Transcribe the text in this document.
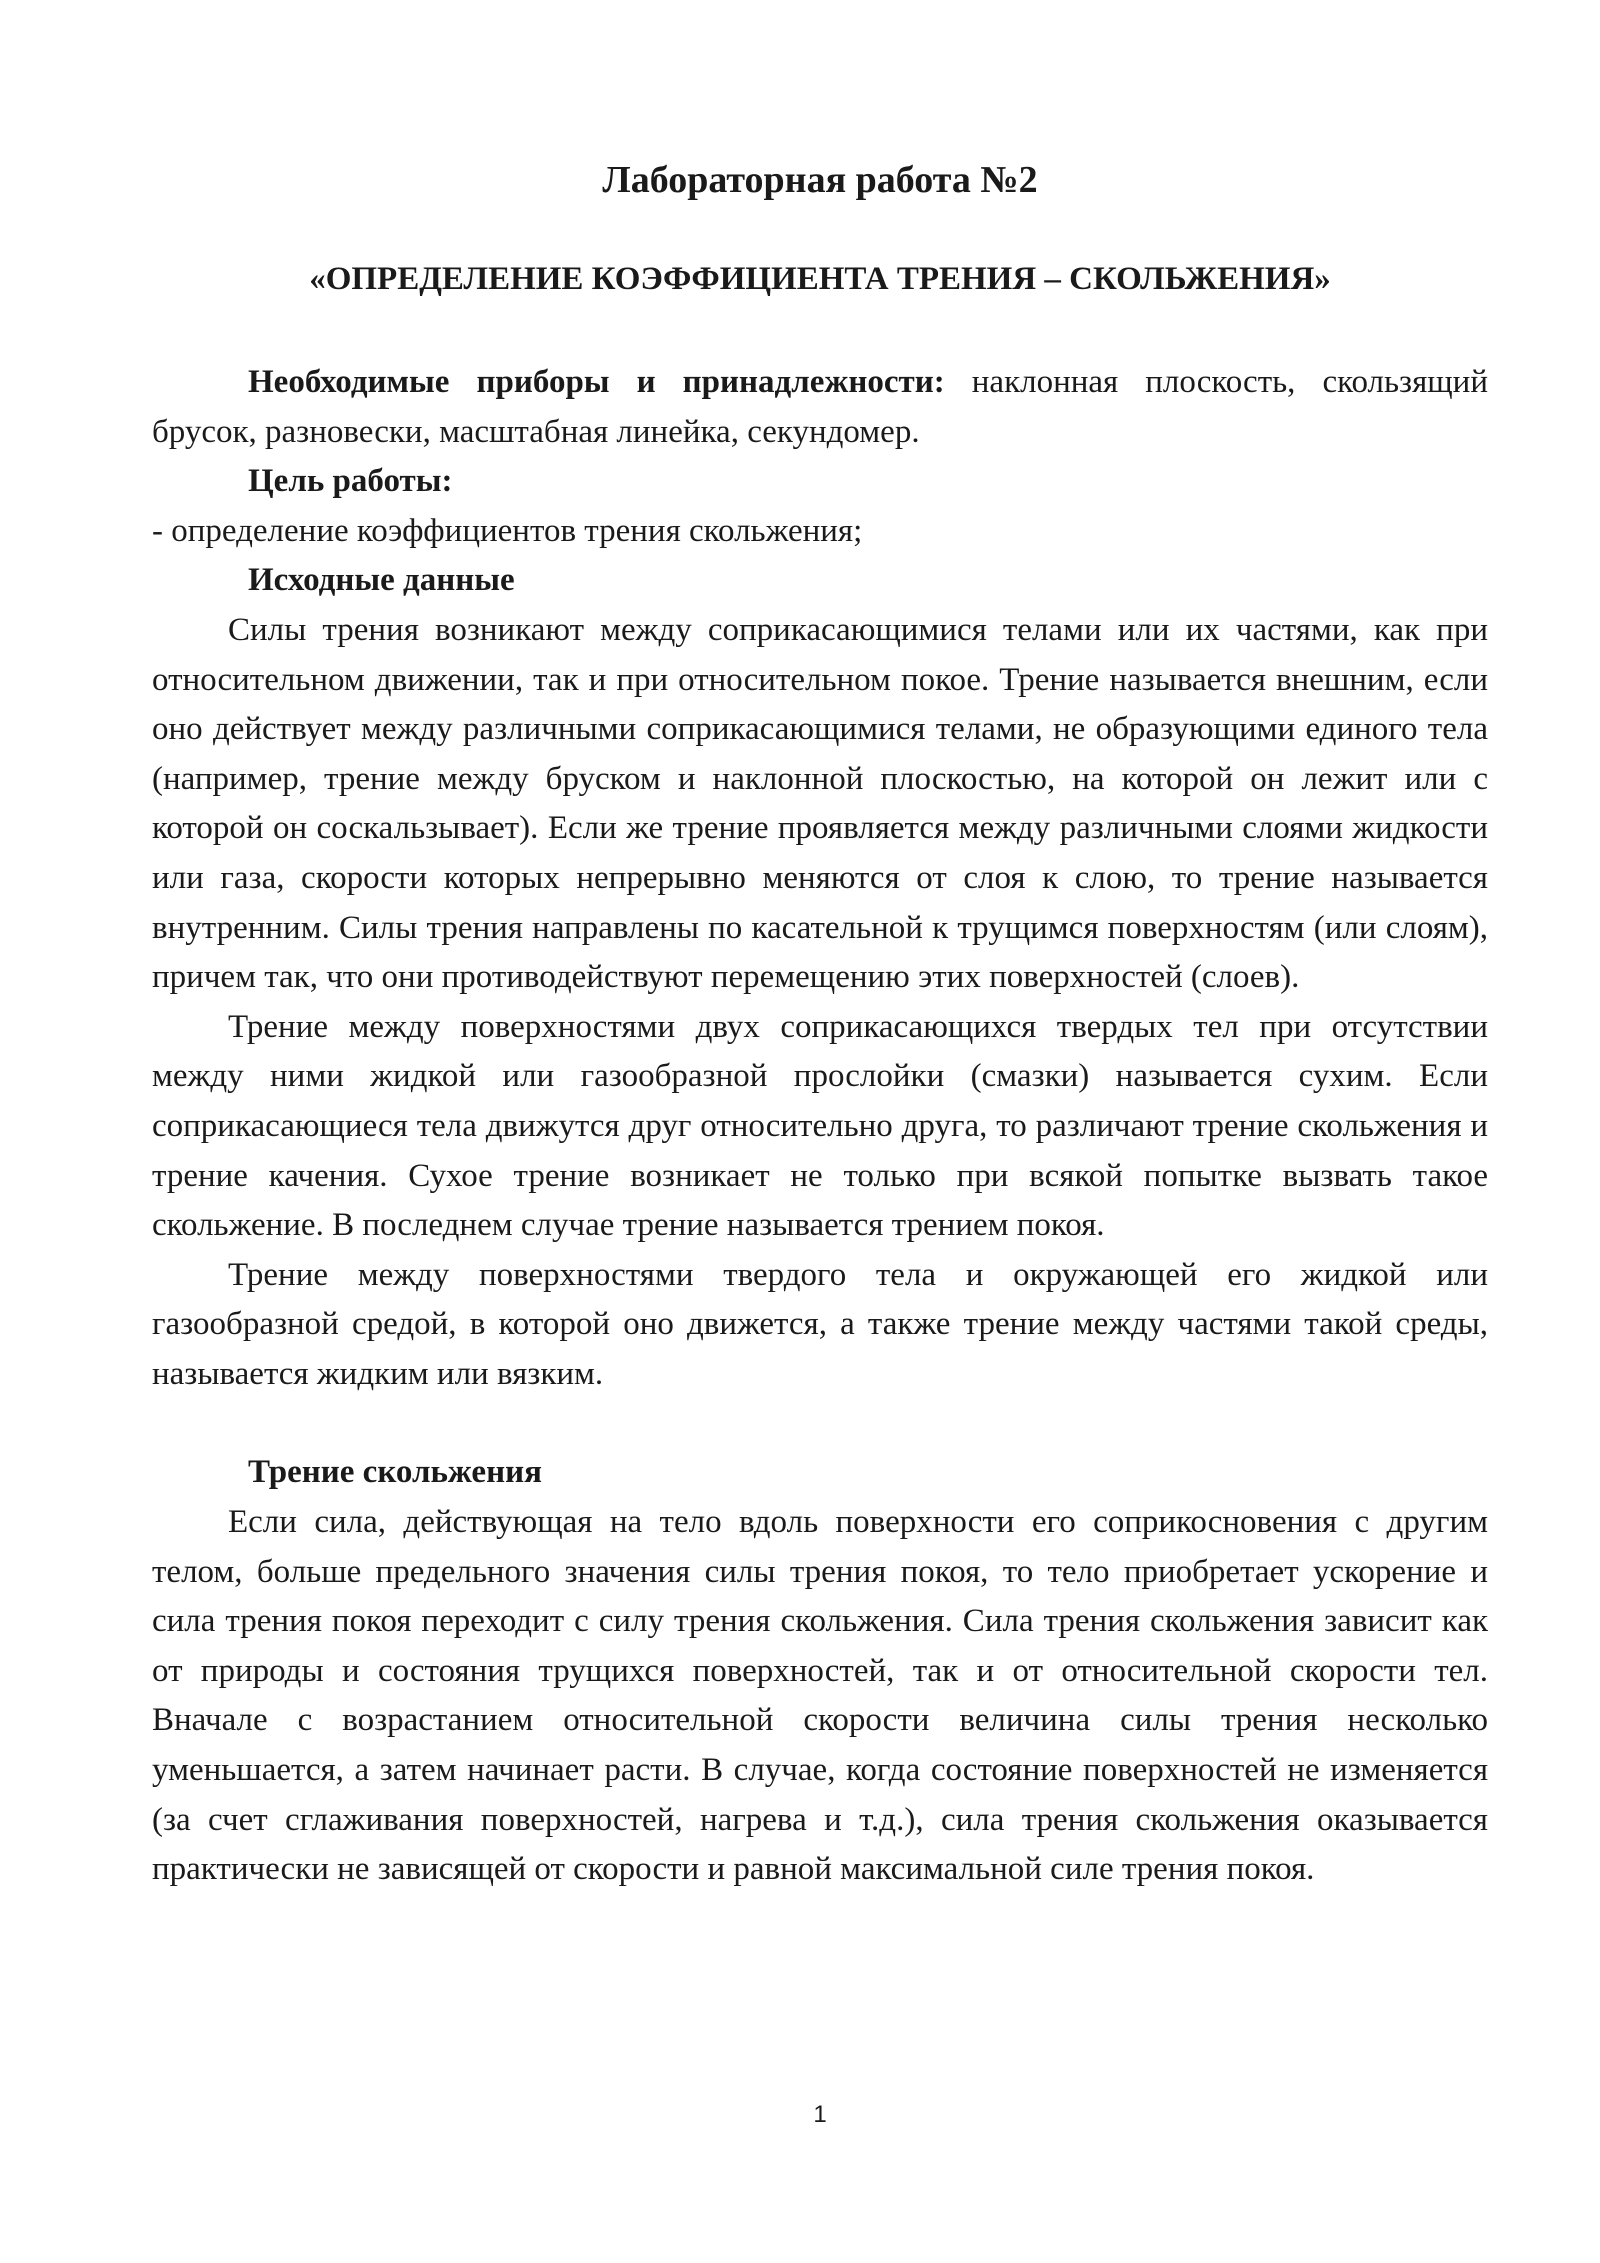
Лабораторная работа №2
«ОПРЕДЕЛЕНИЕ КОЭФФИЦИЕНТА ТРЕНИЯ – СКОЛЬЖЕНИЯ»

Необходимые приборы и принадлежности: наклонная плоскость, скользящий брусок, разновески, масштабная линейка, секундомер.

Цель работы:

- определение коэффициентов трения скольжения;

Исходные данные

Силы трения возникают между соприкасающимися телами или их частями, как при относительном движении, так и при относительном покое. Трение называется внешним, если оно действует между различными соприкасающимися телами, не образующими единого тела (например, трение между бруском и наклонной плоскостью, на которой он лежит или с которой он соскальзывает). Если же трение проявляется между различными слоями жидкости или газа, скорости которых непрерывно меняются от слоя к слою, то трение называется внутренним. Силы трения направлены по касательной к трущимся поверхностям (или слоям), причем так, что они противодействуют перемещению этих поверхностей (слоев).

Трение между поверхностями двух соприкасающихся твердых тел при отсутствии между ними жидкой или газообразной прослойки (смазки) называется сухим. Если соприкасающиеся тела движутся друг относительно друга, то различают трение скольжения и трение качения. Сухое трение возникает не только при всякой попытке вызвать такое скольжение. В последнем случае трение называется трением покоя.

Трение между поверхностями твердого тела и окружающей его жидкой или газообразной средой, в которой оно движется, а также трение между частями такой среды, называется жидким или вязким.

Трение скольжения

Если сила, действующая на тело вдоль поверхности его соприкосновения с другим телом, больше предельного значения силы трения покоя, то тело приобретает ускорение и сила трения покоя переходит с силу трения скольжения. Сила трения скольжения зависит как от природы и состояния трущихся поверхностей, так и от относительной скорости тел. Вначале с возрастанием относительной скорости величина силы трения несколько уменьшается, а затем начинает расти. В случае, когда состояние поверхностей не изменяется (за счет сглаживания поверхностей, нагрева и т.д.), сила трения скольжения оказывается практически не зависящей от скорости и равной максимальной силе трения покоя.

1
